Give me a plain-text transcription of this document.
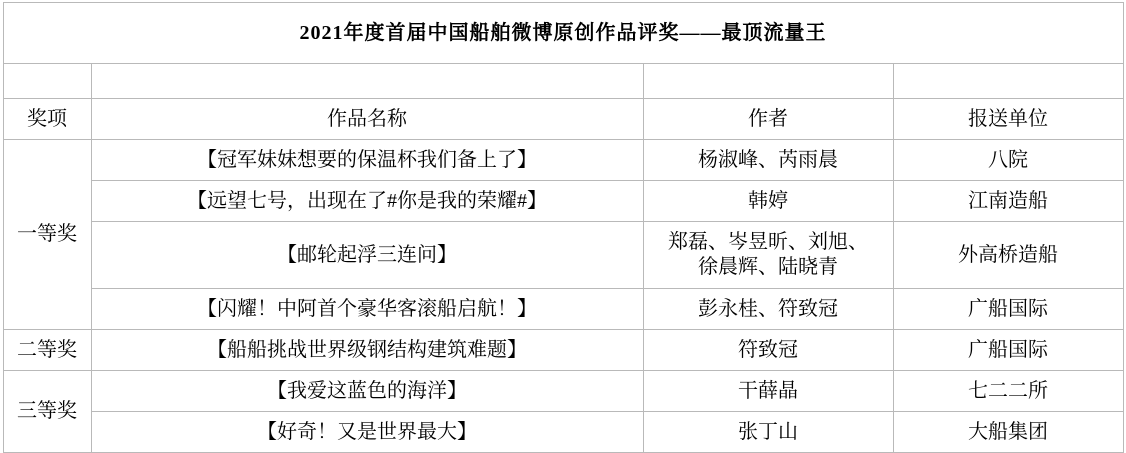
2021年度首届中国船舶微博原创作品评奖——最顶流量王			

奖项	作品名称	作者	报送单位
一等奖	【冠军妹妹想要的保温杯我们备上了】	杨淑峰、芮雨晨	八院
	【远望七号，出现在了#你是我的荣耀#】	韩婷	江南造船
	【邮轮起浮三连问】	郑磊、岑昱昕、刘旭、
徐晨辉、陆晓青	外高桥造船
	【闪耀！中阿首个豪华客滚船启航！】	彭永桂、符致冠	广船国际
二等奖	【船船挑战世界级钢结构建筑难题】	符致冠	广船国际
三等奖	【我爱这蓝色的海洋】	干薛晶	七二二所
	【好奇！又是世界最大】	张丁山	大船集团
